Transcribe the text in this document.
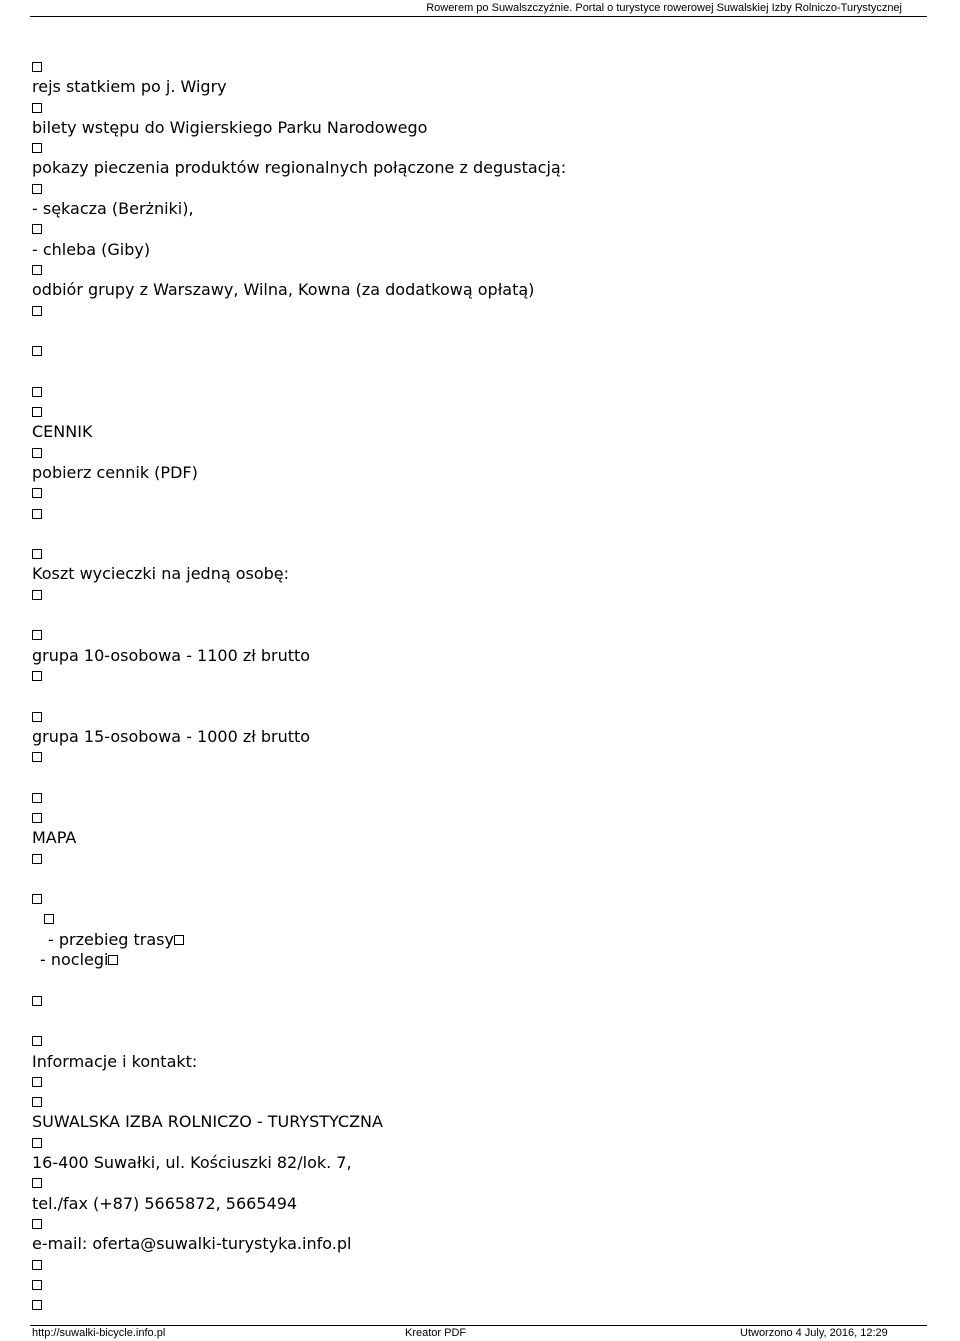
Rowerem po Suwalszczyźnie. Portal o turystyce rowerowej Suwalskiej Izby Rolniczo-Turystycznej
rejs statkiem po j. Wigry
bilety wstępu do Wigierskiego Parku Narodowego
pokazy pieczenia produktów regionalnych połączone z degustacją:
- sękacza (Berżniki),
- chleba (Giby)
odbiór grupy z Warszawy, Wilna, Kowna (za dodatkową opłatą)
CENNIK
pobierz cennik (PDF)
Koszt wycieczki na jedną osobę:
grupa 10-osobowa - 1100 zł brutto
grupa 15-osobowa - 1000 zł brutto
MAPA
- przebieg trasy
- noclegi
Informacje i kontakt:
SUWALSKA IZBA ROLNICZO - TURYSTYCZNA
16-400 Suwałki, ul. Kościuszki 82/lok. 7,
tel./fax (+87) 5665872, 5665494
e-mail: oferta@suwalki-turystyka.info.pl
http://suwalki-bicycle.info.pl	Kreator PDF	Utworzono 4 July, 2016, 12:29
